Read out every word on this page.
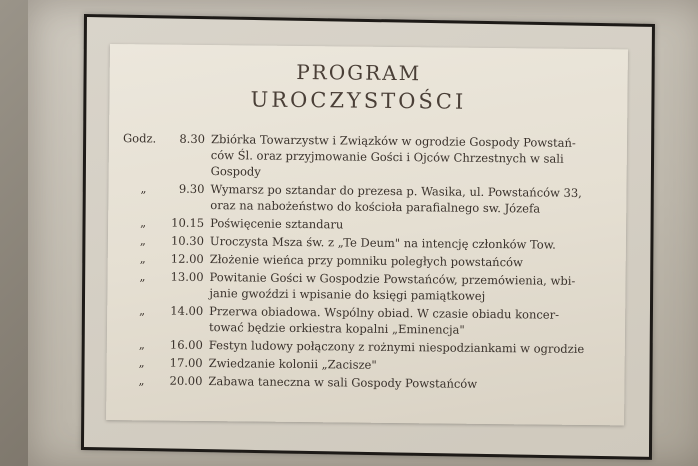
PROGRAM
UROCZYSTOŚCI
Godz.	8.30 Zbiórka Towarzystw i Związków w ogrodzie Gospody Powstań-
ców Śl. oraz przyjmowanie Gości i Ojców Chrzestnych w sali
Gospody
„	9.30 Wymarsz po sztandar do prezesa p. Wasika, ul. Powstańców 33,
oraz na nabożeństwo do kościoła parafialnego sw. Józefa
„	10.15 Poświęcenie sztandaru
„	10.30 Uroczysta Msza św. z „Te Deum" na intencję członków Tow.
„	12.00 Złożenie wieńca przy pomniku poległych powstańców
„	13.00 Powitanie Gości w Gospodzie Powstańców, przemówienia, wbi-
janie gwoździ i wpisanie do księgi pamiątkowej
„	14.00 Przerwa obiadowa. Wspólny obiad. W czasie obiadu koncer-
tować będzie orkiestra kopalni „Eminencja"
„	16.00 Festyn ludowy połączony z rożnymi niespodziankami w ogrodzie
„	17.00 Zwiedzanie kolonii „Zacisze"
„	20.00 Zabawa taneczna w sali Gospody Powstańców
